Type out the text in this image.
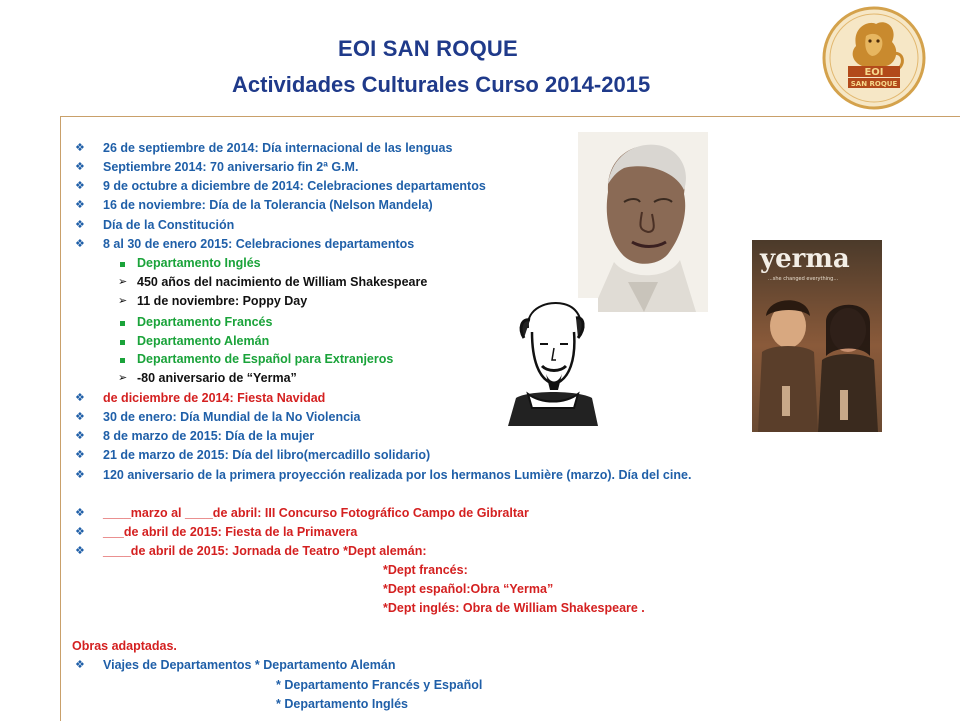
EOI SAN ROQUE
Actividades Culturales Curso 2014-2015	EOI
SAN ROQUE
yerma
...she changed everything...
❖ 26 de septiembre de 2014: Día internacional de las lenguas
❖ Septiembre 2014: 70 aniversario fin 2ª G.M.
❖ 9 de octubre a diciembre de 2014: Celebraciones departamentos
❖ 16 de noviembre: Día de la Tolerancia (Nelson Mandela)
❖ Día de la Constitución
❖ 8 al 30 de enero 2015: Celebraciones departamentos
Departamento Inglés
➢ 450 años del nacimiento de William Shakespeare
➢ 11 de noviembre: Poppy Day
Departamento Francés
Departamento Alemán
Departamento de Español para Extranjeros
➢ -80 aniversario de “Yerma”
❖ de diciembre de 2014: Fiesta Navidad
❖ 30 de enero: Día Mundial de la No Violencia
❖ 8 de marzo de 2015: Día de la mujer
❖ 21 de marzo de 2015: Día del libro(mercadillo solidario)
❖ 120 aniversario de la primera proyección realizada por los hermanos Lumière (marzo). Día del cine.
❖ ____marzo al ____de abril: III Concurso Fotográfico Campo de Gibraltar
❖ ___de abril de 2015: Fiesta de la Primavera
❖ ____de abril de 2015: Jornada de Teatro *Dept alemán:
*Dept francés:
*Dept español:Obra “Yerma”
*Dept inglés: Obra de William Shakespeare .
Obras adaptadas.
❖ Viajes de Departamentos * Departamento Alemán
* Departamento Francés y Español
* Departamento Inglés
